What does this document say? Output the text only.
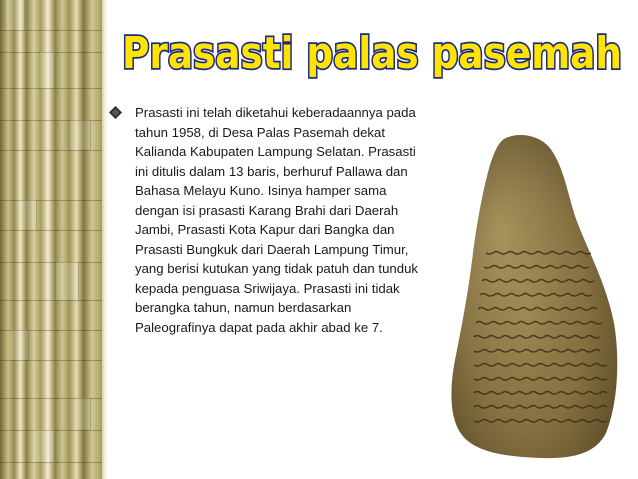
Prasasti palas pasemah

Prasasti ini telah diketahui keberadaannya pada tahun 1958, di Desa Palas Pasemah dekat Kalianda Kabupaten Lampung Selatan. Prasasti ini ditulis dalam 13 baris, berhuruf Pallawa dan Bahasa Melayu Kuno. Isinya hamper sama dengan isi prasasti Karang Brahi dari Daerah Jambi, Prasasti Kota Kapur dari Bangka dan Prasasti Bungkuk dari Daerah Lampung Timur, yang berisi kutukan yang tidak patuh dan tunduk kepada penguasa Sriwijaya. Prasasti ini tidak berangka tahun, namun berdasarkan Paleografinya dapat pada akhir abad ke 7.
